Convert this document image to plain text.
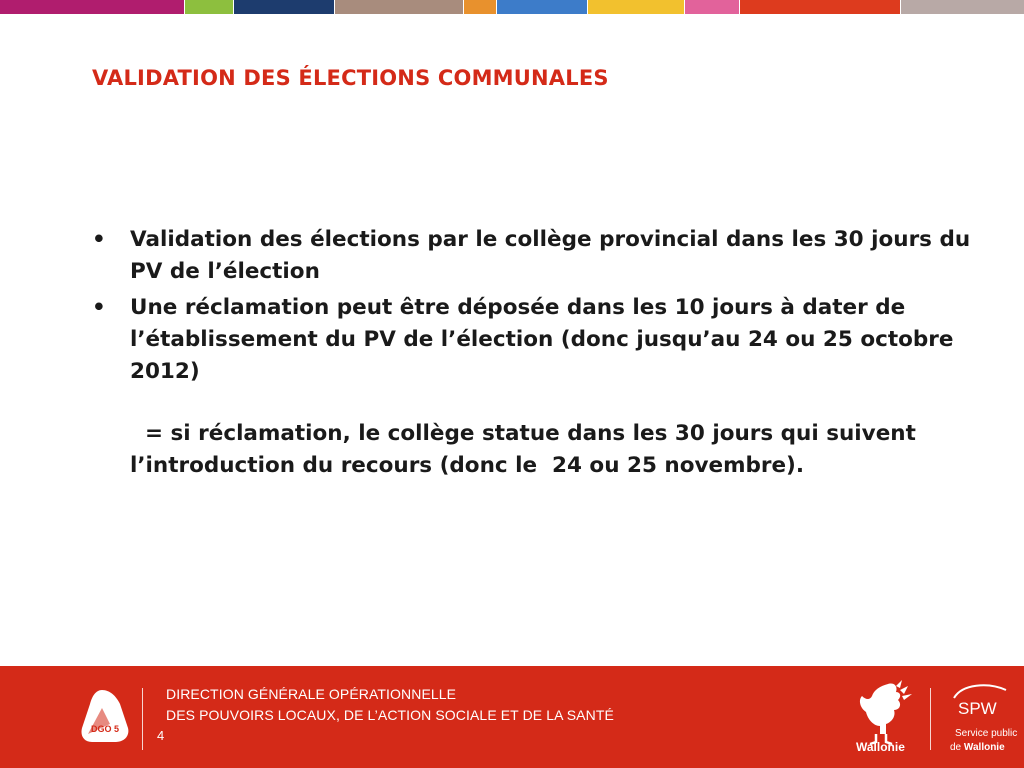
VALIDATION DES ÉLECTIONS COMMUNALES
• Validation des élections par le collège provincial dans les 30 jours du PV de l’élection
• Une réclamation peut être déposée dans les 10 jours à dater de l’établissement du PV de l’élection (donc jusqu’au 24 ou 25 octobre 2012)
= si réclamation, le collège statue dans les 30 jours qui suivent l’introduction du recours (donc le  24 ou 25 novembre).
DGO 5
DIRECTION GÉNÉRALE OPÉRATIONNELLE
DES POUVOIRS LOCAUX, DE L’ACTION SOCIALE ET DE LA SANTÉ
4
Wallonie
SPW
Service public
de Wallonie
